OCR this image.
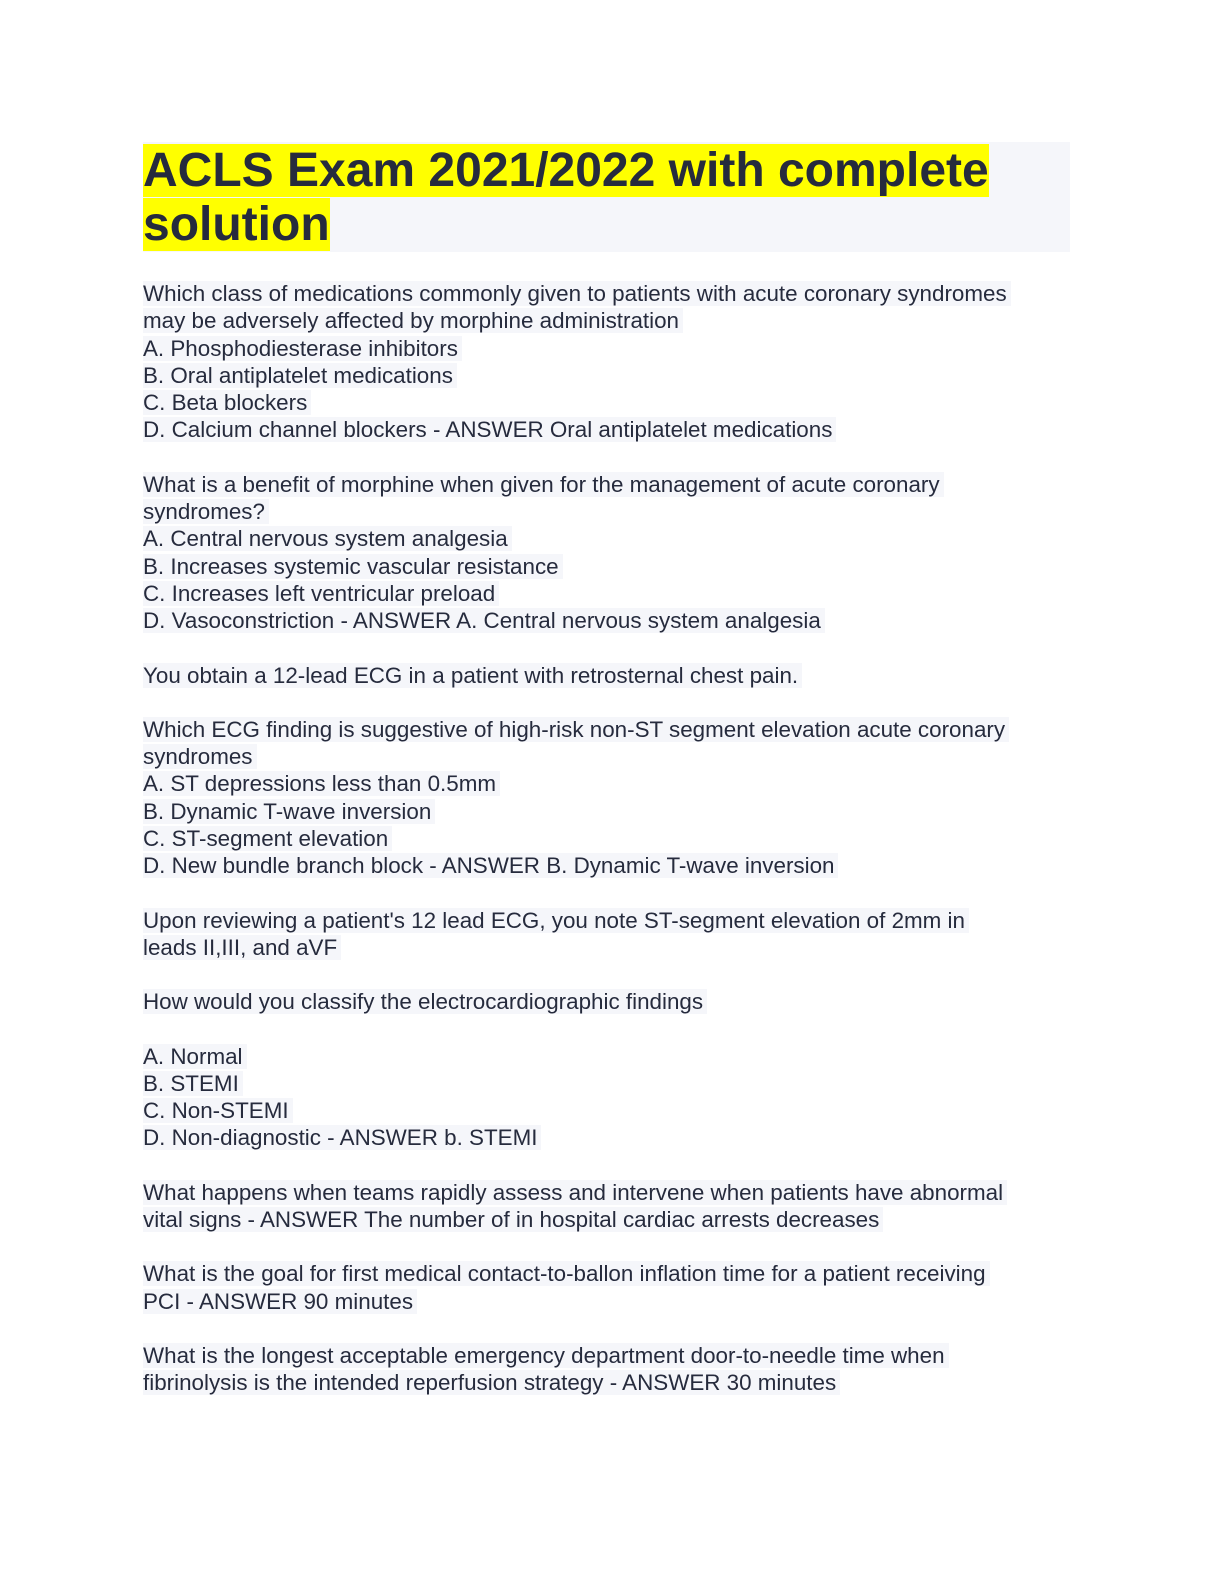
ACLS Exam 2021/2022 with complete
solution
Which class of medications commonly given to patients with acute coronary syndromes
may be adversely affected by morphine administration
A. Phosphodiesterase inhibitors
B. Oral antiplatelet medications
C. Beta blockers
D. Calcium channel blockers - ANSWER Oral antiplatelet medications
What is a benefit of morphine when given for the management of acute coronary
syndromes?
A. Central nervous system analgesia
B. Increases systemic vascular resistance
C. Increases left ventricular preload
D. Vasoconstriction - ANSWER A. Central nervous system analgesia
You obtain a 12-lead ECG in a patient with retrosternal chest pain.
Which ECG finding is suggestive of high-risk non-ST segment elevation acute coronary
syndromes
A. ST depressions less than 0.5mm
B. Dynamic T-wave inversion
C. ST-segment elevation
D. New bundle branch block - ANSWER B. Dynamic T-wave inversion
Upon reviewing a patient's 12 lead ECG, you note ST-segment elevation of 2mm in
leads II,III, and aVF
How would you classify the electrocardiographic findings
A. Normal
B. STEMI
C. Non-STEMI
D. Non-diagnostic - ANSWER b. STEMI
What happens when teams rapidly assess and intervene when patients have abnormal
vital signs - ANSWER The number of in hospital cardiac arrests decreases
What is the goal for first medical contact-to-ballon inflation time for a patient receiving
PCI - ANSWER 90 minutes
What is the longest acceptable emergency department door-to-needle time when
fibrinolysis is the intended reperfusion strategy - ANSWER 30 minutes
